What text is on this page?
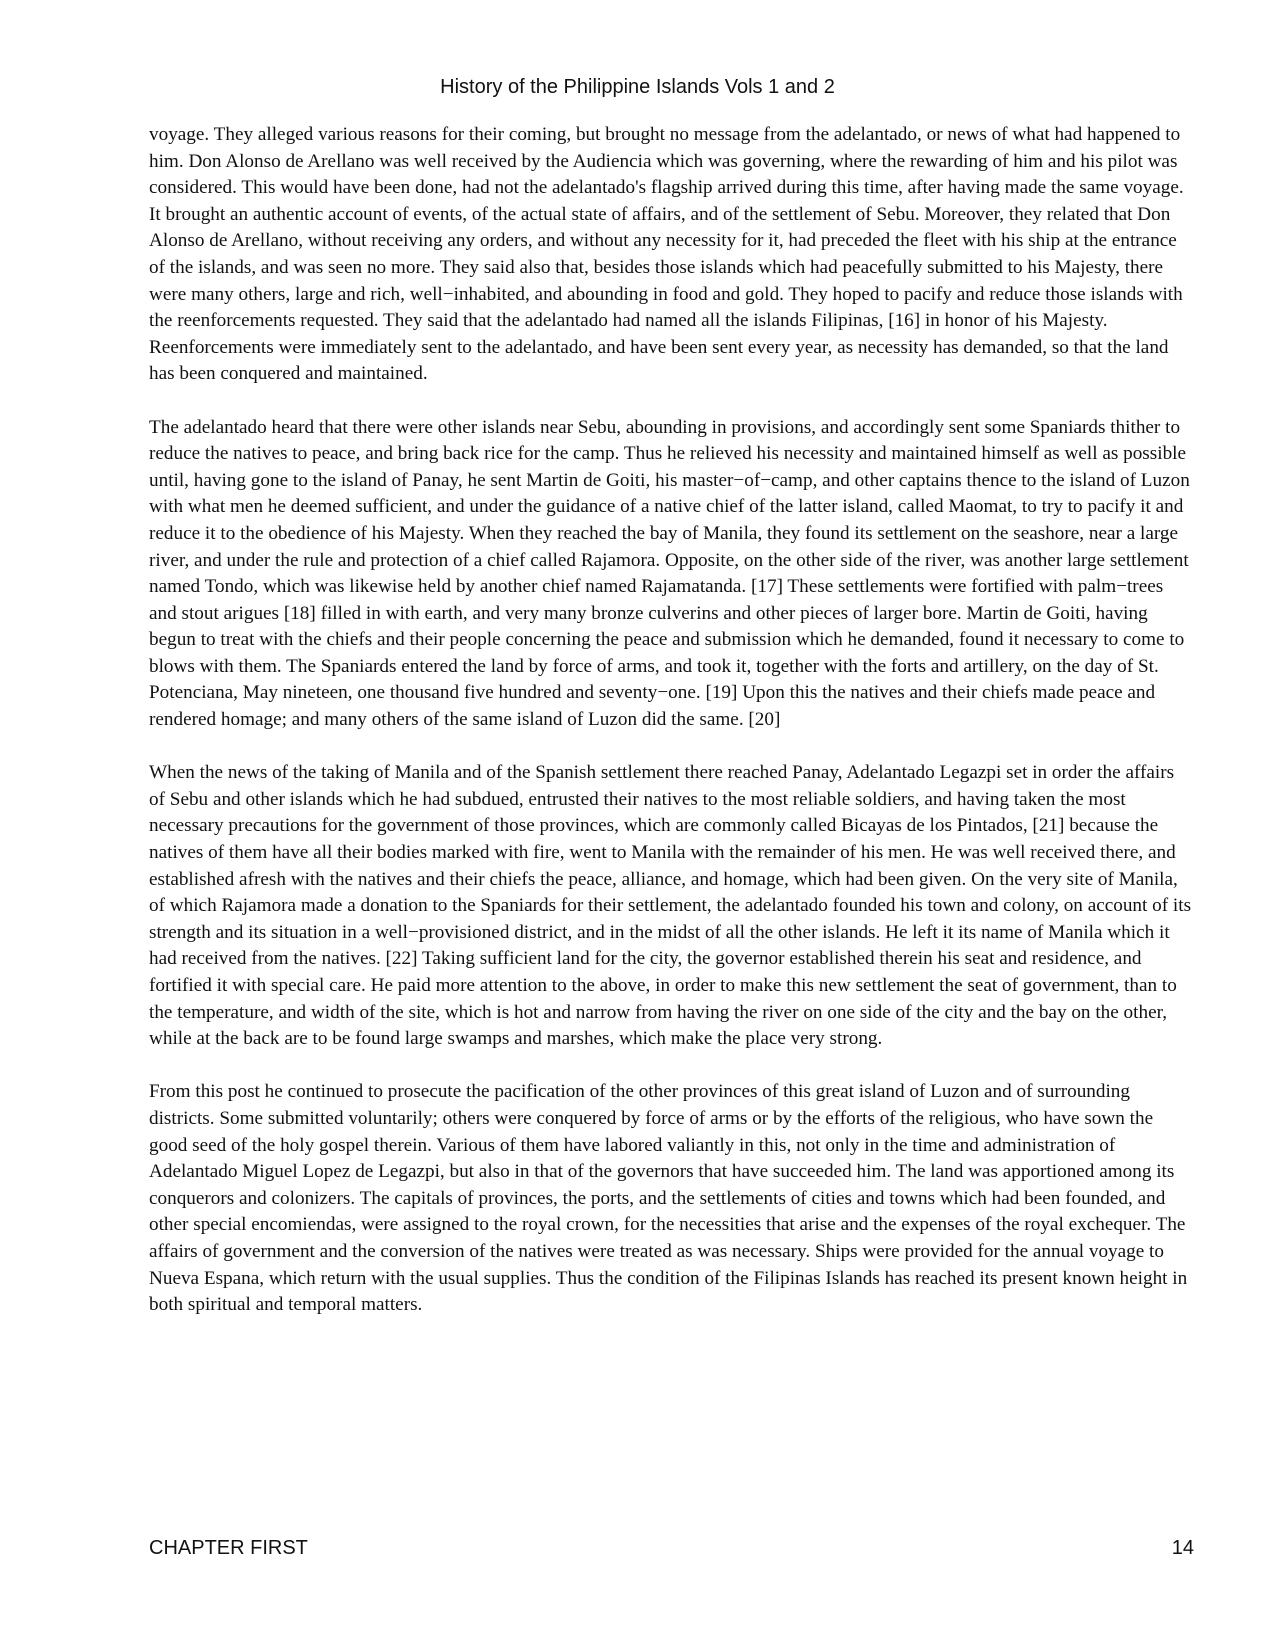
History of the Philippine Islands Vols 1 and 2

voyage. They alleged various reasons for their coming, but brought no message from the adelantado, or news of what had happened to him. Don Alonso de Arellano was well received by the Audiencia which was governing, where the rewarding of him and his pilot was considered. This would have been done, had not the adelantado's flagship arrived during this time, after having made the same voyage. It brought an authentic account of events, of the actual state of affairs, and of the settlement of Sebu. Moreover, they related that Don Alonso de Arellano, without receiving any orders, and without any necessity for it, had preceded the fleet with his ship at the entrance of the islands, and was seen no more. They said also that, besides those islands which had peacefully submitted to his Majesty, there were many others, large and rich, well−inhabited, and abounding in food and gold. They hoped to pacify and reduce those islands with the reenforcements requested. They said that the adelantado had named all the islands Filipinas, [16] in honor of his Majesty. Reenforcements were immediately sent to the adelantado, and have been sent every year, as necessity has demanded, so that the land has been conquered and maintained.

The adelantado heard that there were other islands near Sebu, abounding in provisions, and accordingly sent some Spaniards thither to reduce the natives to peace, and bring back rice for the camp. Thus he relieved his necessity and maintained himself as well as possible until, having gone to the island of Panay, he sent Martin de Goiti, his master−of−camp, and other captains thence to the island of Luzon with what men he deemed sufficient, and under the guidance of a native chief of the latter island, called Maomat, to try to pacify it and reduce it to the obedience of his Majesty. When they reached the bay of Manila, they found its settlement on the seashore, near a large river, and under the rule and protection of a chief called Rajamora. Opposite, on the other side of the river, was another large settlement named Tondo, which was likewise held by another chief named Rajamatanda. [17] These settlements were fortified with palm−trees and stout arigues [18] filled in with earth, and very many bronze culverins and other pieces of larger bore. Martin de Goiti, having begun to treat with the chiefs and their people concerning the peace and submission which he demanded, found it necessary to come to blows with them. The Spaniards entered the land by force of arms, and took it, together with the forts and artillery, on the day of St. Potenciana, May nineteen, one thousand five hundred and seventy−one. [19] Upon this the natives and their chiefs made peace and rendered homage; and many others of the same island of Luzon did the same. [20]

When the news of the taking of Manila and of the Spanish settlement there reached Panay, Adelantado Legazpi set in order the affairs of Sebu and other islands which he had subdued, entrusted their natives to the most reliable soldiers, and having taken the most necessary precautions for the government of those provinces, which are commonly called Bicayas de los Pintados, [21] because the natives of them have all their bodies marked with fire, went to Manila with the remainder of his men. He was well received there, and established afresh with the natives and their chiefs the peace, alliance, and homage, which had been given. On the very site of Manila, of which Rajamora made a donation to the Spaniards for their settlement, the adelantado founded his town and colony, on account of its strength and its situation in a well−provisioned district, and in the midst of all the other islands. He left it its name of Manila which it had received from the natives. [22] Taking sufficient land for the city, the governor established therein his seat and residence, and fortified it with special care. He paid more attention to the above, in order to make this new settlement the seat of government, than to the temperature, and width of the site, which is hot and narrow from having the river on one side of the city and the bay on the other, while at the back are to be found large swamps and marshes, which make the place very strong.

From this post he continued to prosecute the pacification of the other provinces of this great island of Luzon and of surrounding districts. Some submitted voluntarily; others were conquered by force of arms or by the efforts of the religious, who have sown the good seed of the holy gospel therein. Various of them have labored valiantly in this, not only in the time and administration of Adelantado Miguel Lopez de Legazpi, but also in that of the governors that have succeeded him. The land was apportioned among its conquerors and colonizers. The capitals of provinces, the ports, and the settlements of cities and towns which had been founded, and other special encomiendas, were assigned to the royal crown, for the necessities that arise and the expenses of the royal exchequer. The affairs of government and the conversion of the natives were treated as was necessary. Ships were provided for the annual voyage to Nueva Espana, which return with the usual supplies. Thus the condition of the Filipinas Islands has reached its present known height in both spiritual and temporal matters.

CHAPTER FIRST	14
